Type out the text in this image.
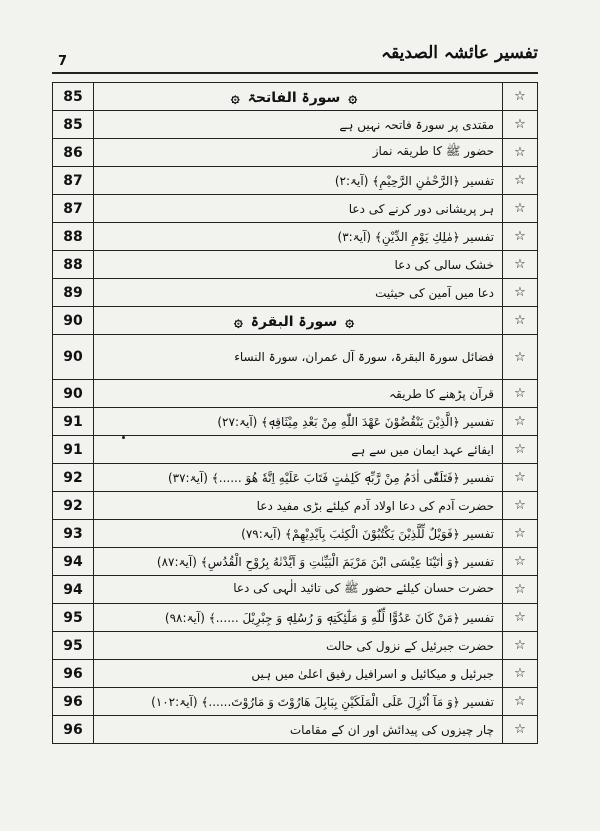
7	تفسیر عائشہ الصدیقہ
85	۞سورۃ الفاتحۃ۞	☆
85	مقتدی پر سورۃ فاتحہ نہیں ہے	☆
86	حضور ﷺ کا طریقہ نماز	☆
87	تفسیر ﴿الرَّحْمٰنِ الرَّحِيْمِ﴾ (آیۃ:۲)	☆
87	ہر پریشانی دور کرنے کی دعا	☆
88	تفسیر ﴿مٰلِكِ يَوْمِ الدِّيْنِ﴾ (آیۃ:۳)	☆
88	خشک سالی کی دعا	☆
89	دعا میں آمین کی حیثیت	☆
90	۞سورۃ البقرۃ۞	☆
90	فضائل سورۃ البقرۃ، سورۃ آل عمران، سورۃ النساء	☆
90	قرآن پڑھنے کا طریقہ	☆
91	تفسیر ﴿الَّذِيْنَ يَنْقُضُوْنَ عَهْدَ اللّٰهِ مِنْ بَعْدِ مِيْثَاقِهٖ﴾ (آیۃ:۲۷)	☆
91	ایفائے عہد ایمان میں سے ہے	☆
92	تفسیر ﴿فَتَلَقّٰٓى اٰدَمُ مِنْ رَّبِّهٖ كَلِمٰتٍ فَتَابَ عَلَيْهِ اِنَّهٗ هُوَ ......﴾ (آیۃ:۳۷)	☆
92	حضرت آدم کی دعا اولاد آدم کیلئے بڑی مفید دعا	☆
93	تفسیر ﴿فَوَيْلٌ لِّلَّذِيْنَ يَكْتُبُوْنَ الْكِتٰبَ بِاَيْدِيْهِمْ﴾ (آیۃ:۷۹)	☆
94	تفسیر ﴿وَ اٰتَيْنَا عِيْسَى ابْنَ مَرْيَمَ الْبَيِّنٰتِ وَ اَيَّدْنٰهُ بِرُوْحِ الْقُدُسِ﴾ (آیۃ:۸۷)	☆
94	حضرت حسان کیلئے حضور ﷺ کی تائید الٰہی کی دعا	☆
95	تفسیر ﴿مَنْ كَانَ عَدُوًّا لِّلّٰهِ وَ مَلٰٓئِكَتِهٖ وَ رُسُلِهٖ وَ جِبْرِيْلَ ......﴾ (آیۃ:۹۸)	☆
95	حضرت جبرئیل کے نزول کی حالت	☆
96	جبرئیل و میکائیل و اسرافیل رفیق اعلیٰ میں ہیں	☆
96	تفسیر ﴿وَ مَآ اُنْزِلَ عَلَى الْمَلَكَيْنِ بِبَابِلَ هَارُوْتَ وَ مَارُوْتَ......﴾ (آیۃ:۱۰۲)	☆
96	چار چیزوں کی پیدائش اور ان کے مقامات	☆
